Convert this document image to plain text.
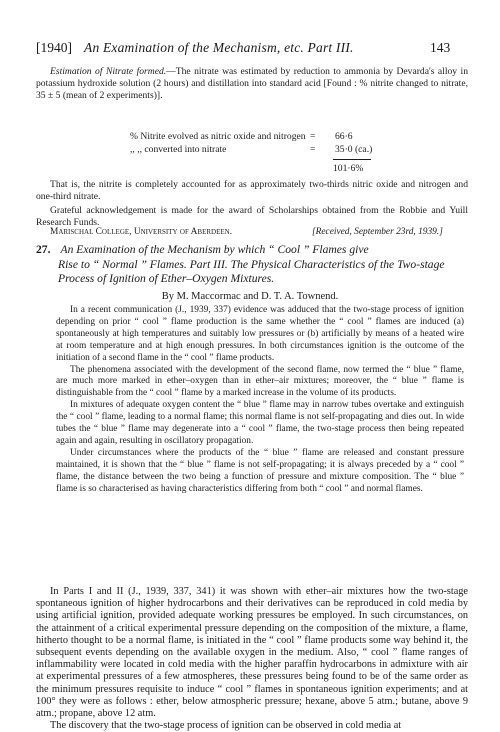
[1940] An Examination of the Mechanism, etc. Part III.	143

Estimation of Nitrate formed.—The nitrate was estimated by reduction to ammonia by Devarda's alloy in potassium hydroxide solution (2 hours) and distillation into standard acid [Found : % nitrite changed to nitrate, 35 ± 5 (mean of 2 experiments)].

% Nitrite evolved as nitric oxide and nitrogen = 66·6
,, ,, converted into nitrate	= 35·0 (ca.)
101·6%

That is, the nitrite is completely accounted for as approximately two-thirds nitric oxide and nitrogen and one-third nitrate.

Grateful acknowledgement is made for the award of Scholarships obtained from the Robbie and Yuill Research Funds.

Marischal College, University of Aberdeen.	[Received, September 23rd, 1939.]
27. An Examination of the Mechanism by which “ Cool ” Flames give
Rise to “ Normal ” Flames. Part III. The Physical Characteristics of the Two-stage Process of Ignition of Ether–Oxygen Mixtures.
By M. Maccormac and D. T. A. Townend.

In a recent communication (J., 1939, 337) evidence was adduced that the two-stage process of ignition depending on prior “ cool ” flame production is the same whether the “ cool ” flames are induced (a) spontaneously at high temperatures and suitably low pressures or (b) artificially by means of a heated wire at room temperature and at high enough pressures. In both circumstances ignition is the outcome of the initiation of a second flame in the “ cool ” flame products.

The phenomena associated with the development of the second flame, now termed the “ blue ” flame, are much more marked in ether–oxygen than in ether–air mixtures; moreover, the “ blue ” flame is distinguishable from the “ cool ” flame by a marked increase in the volume of its products.

In mixtures of adequate oxygen content the “ blue ” flame may in narrow tubes overtake and extinguish the “ cool ” flame, leading to a normal flame; this normal flame is not self-propagating and dies out. In wide tubes the “ blue ” flame may degenerate into a “ cool ” flame, the two-stage process then being repeated again and again, resulting in oscillatory propagation.

Under circumstances where the products of the “ blue ” flame are released and constant pressure maintained, it is shown that the “ blue ” flame is not self-propagating; it is always preceded by a “ cool ” flame, the distance between the two being a function of pressure and mixture composition. The “ blue ” flame is so characterised as having characteristics differing from both “ cool ” and normal flames.

In Parts I and II (J., 1939, 337, 341) it was shown with ether–air mixtures how the two-stage spontaneous ignition of higher hydrocarbons and their derivatives can be reproduced in cold media by using artificial ignition, provided adequate working pressures be employed. In such circumstances, on the attainment of a critical experimental pressure depending on the composition of the mixture, a flame, hitherto thought to be a normal flame, is initiated in the “ cool ” flame products some way behind it, the subsequent events depending on the available oxygen in the medium. Also, “ cool ” flame ranges of inflammability were located in cold media with the higher paraffin hydrocarbons in admixture with air at experimental pressures of a few atmospheres, these pressures being found to be of the same order as the minimum pressures requisite to induce “ cool ” flames in spontaneous ignition experiments; and at 100° they were as follows : ether, below atmospheric pressure; hexane, above 5 atm.; butane, above 9 atm.; propane, above 12 atm.

The discovery that the two-stage process of ignition can be observed in cold media at
